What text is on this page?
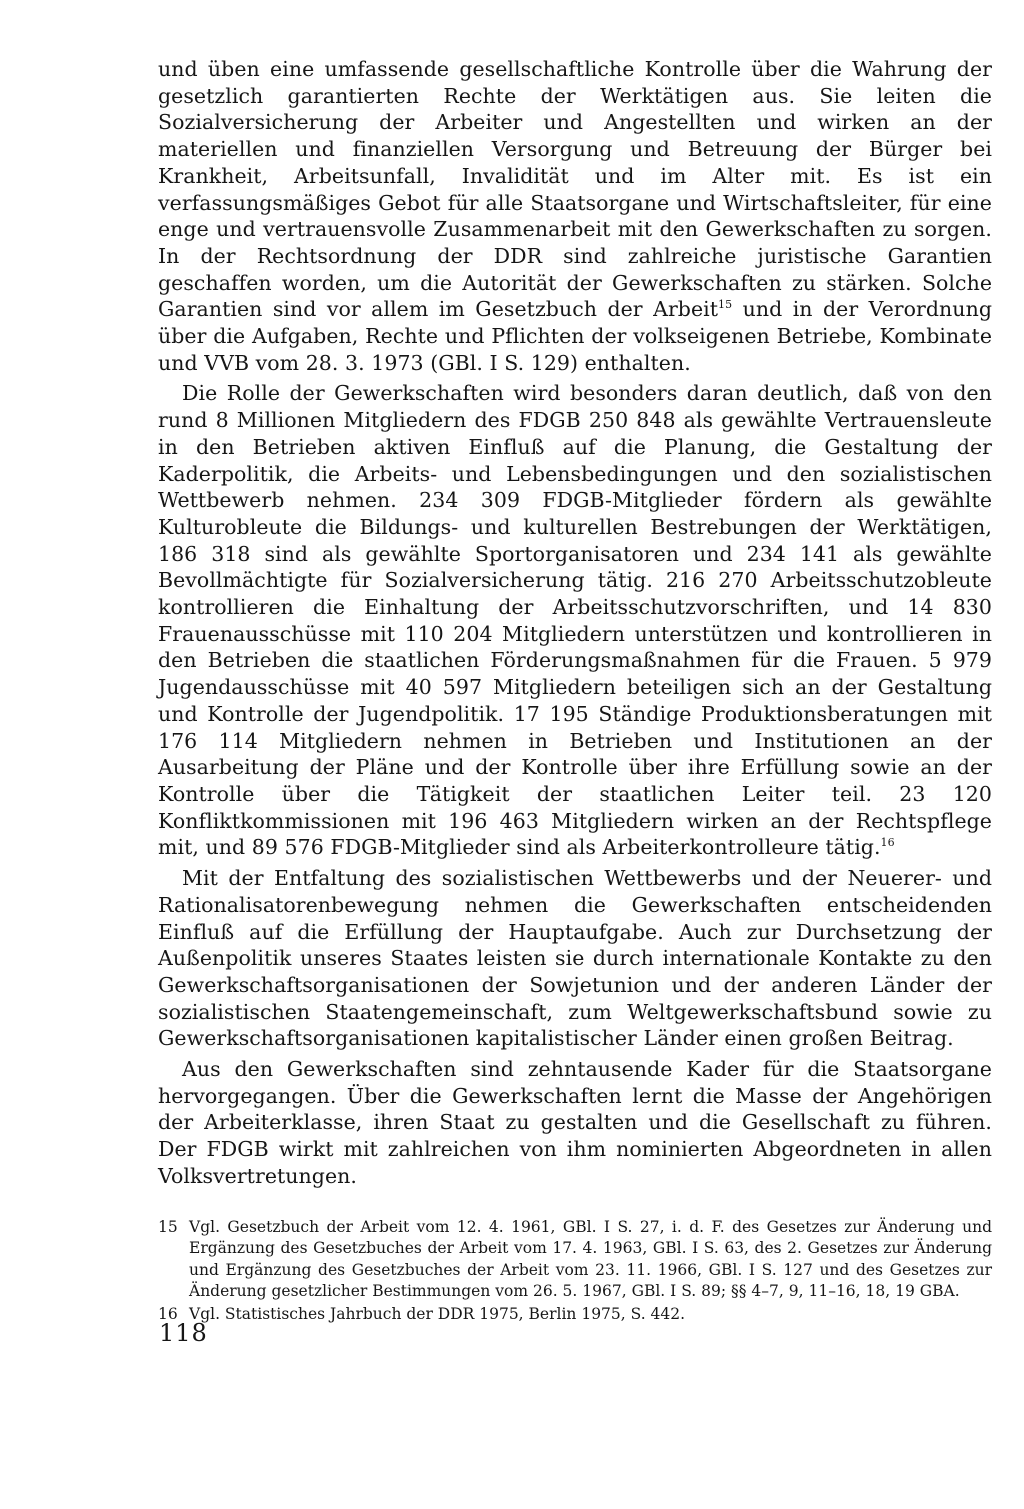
und üben eine umfassende gesellschaftliche Kontrolle über die Wahrung der gesetzlich garantierten Rechte der Werktätigen aus. Sie leiten die Sozialversicherung der Arbeiter und Angestellten und wirken an der materiellen und finanziellen Versorgung und Betreuung der Bürger bei Krankheit, Arbeitsunfall, Invalidität und im Alter mit. Es ist ein verfassungsmäßiges Gebot für alle Staatsorgane und Wirtschaftsleiter, für eine enge und vertrauensvolle Zusammenarbeit mit den Gewerkschaften zu sorgen. In der Rechtsordnung der DDR sind zahlreiche juristische Garantien geschaffen worden, um die Autorität der Gewerkschaften zu stärken. Solche Garantien sind vor allem im Gesetzbuch der Arbeit$^{15}$ und in der Verordnung über die Aufgaben, Rechte und Pflichten der volkseigenen Betriebe, Kombinate und VVB vom 28. 3. 1973 (GBl. I S. 129) enthalten.

Die Rolle der Gewerkschaften wird besonders daran deutlich, daß von den rund 8 Millionen Mitgliedern des FDGB 250 848 als gewählte Vertrauensleute in den Betrieben aktiven Einfluß auf die Planung, die Gestaltung der Kaderpolitik, die Arbeits- und Lebensbedingungen und den sozialistischen Wettbewerb nehmen. 234 309 FDGB-Mitglieder fördern als gewählte Kulturobleute die Bildungs- und kulturellen Bestrebungen der Werktätigen, 186 318 sind als gewählte Sportorganisatoren und 234 141 als gewählte Bevollmächtigte für Sozialversicherung tätig. 216 270 Arbeitsschutzobleute kontrollieren die Einhaltung der Arbeitsschutzvorschriften, und 14 830 Frauenausschüsse mit 110 204 Mitgliedern unterstützen und kontrollieren in den Betrieben die staatlichen Förderungsmaßnahmen für die Frauen. 5 979 Jugendausschüsse mit 40 597 Mitgliedern beteiligen sich an der Gestaltung und Kontrolle der Jugendpolitik. 17 195 Ständige Produktionsberatungen mit 176 114 Mitgliedern nehmen in Betrieben und Institutionen an der Ausarbeitung der Pläne und der Kontrolle über ihre Erfüllung sowie an der Kontrolle über die Tätigkeit der staatlichen Leiter teil. 23 120 Konfliktkommissionen mit 196 463 Mitgliedern wirken an der Rechtspflege mit, und 89 576 FDGB-Mitglieder sind als Arbeiterkontrolleure tätig.$^{16}$

Mit der Entfaltung des sozialistischen Wettbewerbs und der Neuerer- und Rationalisatorenbewegung nehmen die Gewerkschaften entscheidenden Einfluß auf die Erfüllung der Hauptaufgabe. Auch zur Durchsetzung der Außenpolitik unseres Staates leisten sie durch internationale Kontakte zu den Gewerkschaftsorganisationen der Sowjetunion und der anderen Länder der sozialistischen Staatengemeinschaft, zum Weltgewerkschaftsbund sowie zu Gewerkschaftsorganisationen kapitalistischer Länder einen großen Beitrag.

Aus den Gewerkschaften sind zehntausende Kader für die Staatsorgane hervorgegangen. Über die Gewerkschaften lernt die Masse der Angehörigen der Arbeiterklasse, ihren Staat zu gestalten und die Gesellschaft zu führen. Der FDGB wirkt mit zahlreichen von ihm nominierten Abgeordneten in allen Volksvertretungen.

15 Vgl. Gesetzbuch der Arbeit vom 12. 4. 1961, GBl. I S. 27, i. d. F. des Gesetzes zur Änderung und Ergänzung des Gesetzbuches der Arbeit vom 17. 4. 1963, GBl. I S. 63, des 2. Gesetzes zur Änderung und Ergänzung des Gesetzbuches der Arbeit vom 23. 11. 1966, GBl. I S. 127 und des Gesetzes zur Änderung gesetzlicher Bestimmungen vom 26. 5. 1967, GBl. I S. 89; §§ 4–7, 9, 11–16, 18, 19 GBA.
16 Vgl. Statistisches Jahrbuch der DDR 1975, Berlin 1975, S. 442.
118
